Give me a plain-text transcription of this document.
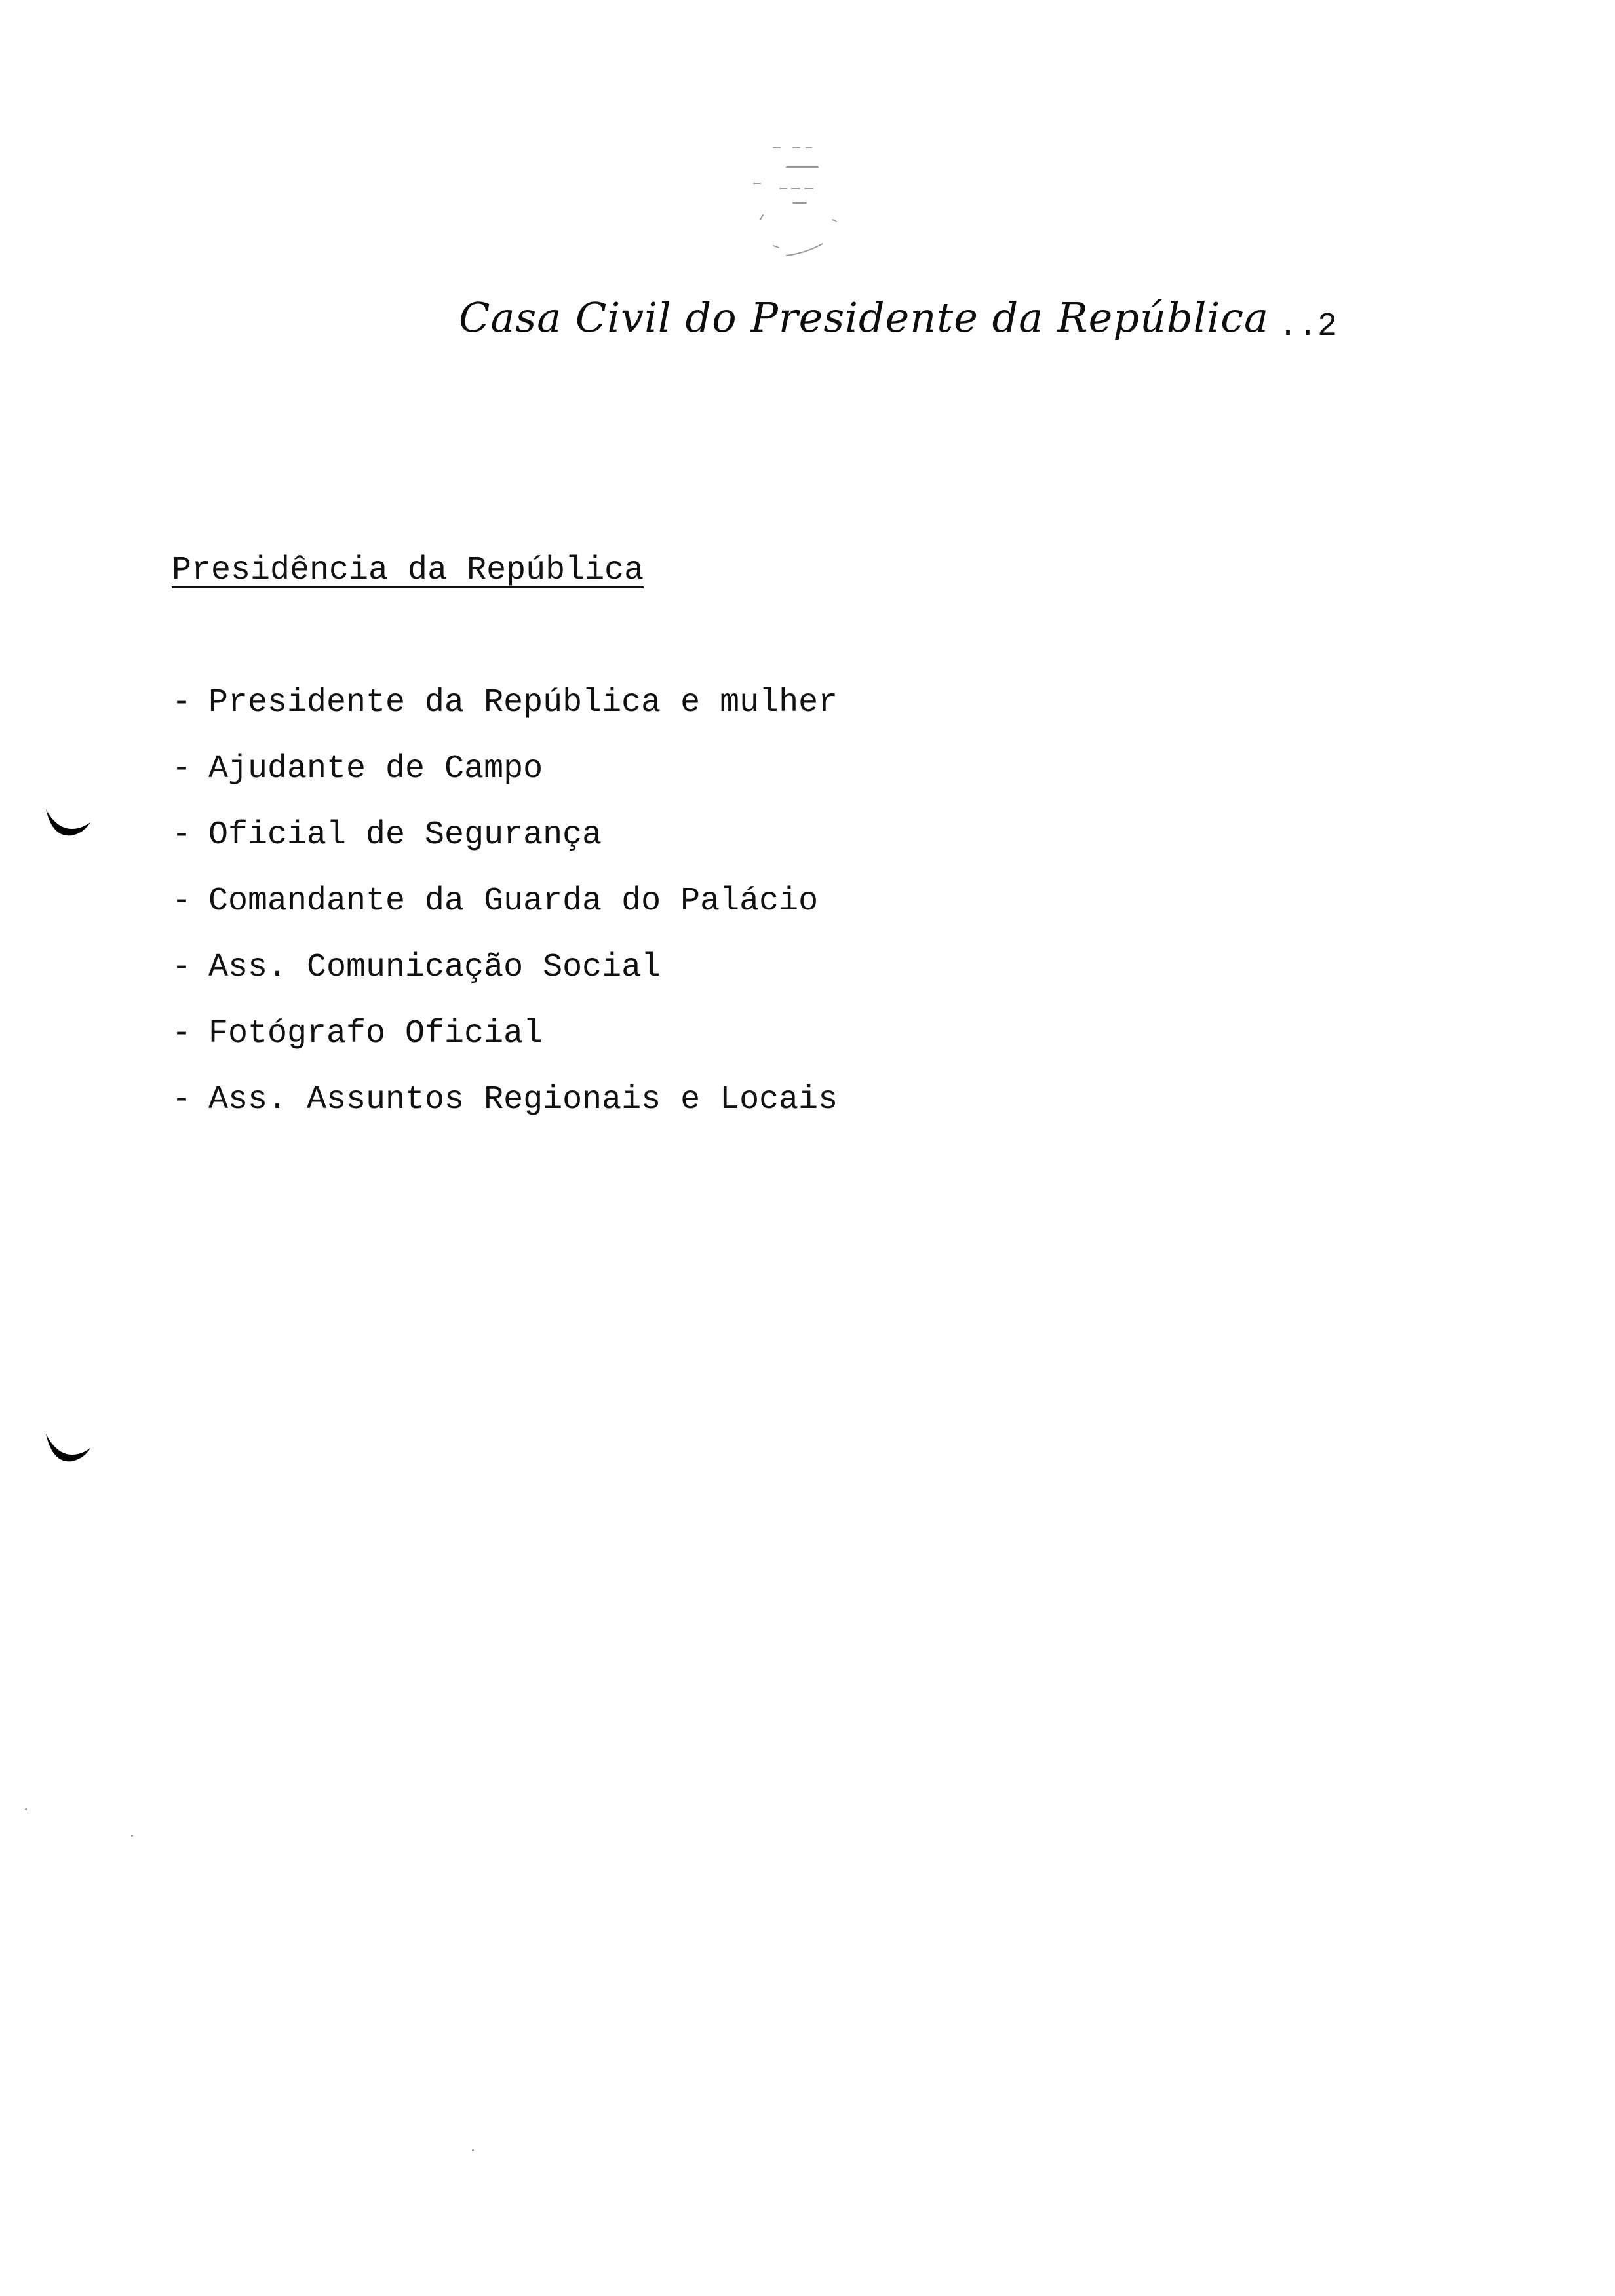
Casa Civil do Presidente da República ..2
Presidência da República
- Presidente da República e mulher
- Ajudante de Campo
- Oficial de Segurança
- Comandante da Guarda do Palácio
- Ass. Comunicação Social
- Fotógrafo Oficial
- Ass. Assuntos Regionais e Locais
